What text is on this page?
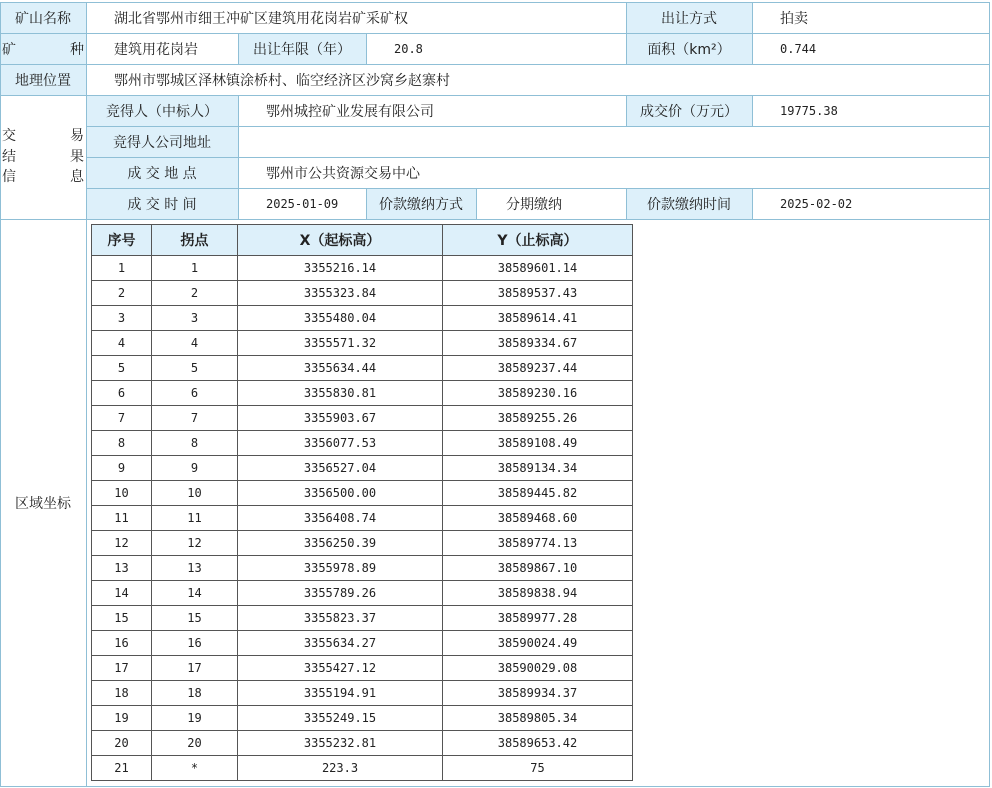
矿山名称	湖北省鄂州市细王冲矿区建筑用花岗岩矿采矿权	出让方式	拍卖
矿	种	建筑用花岗岩	出让年限（年）	20.8	面积（km²）	0.744
地理位置	鄂州市鄂城区泽林镇涂桥村、临空经济区沙窝乡赵寨村
交	易
结	果
信	息
竞得人（中标人）	鄂州城控矿业发展有限公司	成交价（万元）	19775.38
竞得人公司地址
成 交 地 点	鄂州市公共资源交易中心
成 交 时 间	2025-01-09	价款缴纳方式	分期缴纳	价款缴纳时间	2025-02-02
区域坐标
序号	拐点	X（起标高）	Y（止标高）
1	1	3355216.14	38589601.14
2	2	3355323.84	38589537.43
3	3	3355480.04	38589614.41
4	4	3355571.32	38589334.67
5	5	3355634.44	38589237.44
6	6	3355830.81	38589230.16
7	7	3355903.67	38589255.26
8	8	3356077.53	38589108.49
9	9	3356527.04	38589134.34
10	10	3356500.00	38589445.82
11	11	3356408.74	38589468.60
12	12	3356250.39	38589774.13
13	13	3355978.89	38589867.10
14	14	3355789.26	38589838.94
15	15	3355823.37	38589977.28
16	16	3355634.27	38590024.49
17	17	3355427.12	38590029.08
18	18	3355194.91	38589934.37
19	19	3355249.15	38589805.34
20	20	3355232.81	38589653.42
21	*	223.3	75
